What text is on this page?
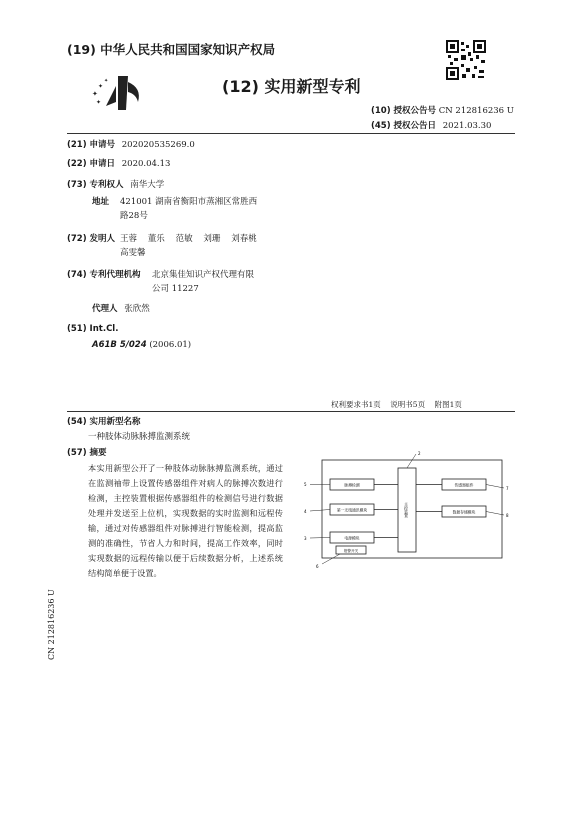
(19) 中华人民共和国国家知识产权局
✦
✦
✦
✦	(12) 实用新型专利
(10) 授权公告号 CN 212816236 U
(45) 授权公告日 2021.03.30
(21) 申请号 202020535269.0
(22) 申请日 2020.04.13
(73) 专利权人 南华大学
地址 421001 湖南省衡阳市蒸湘区常胜西
路28号
(72) 发明人 王蓉    董乐    范敏    刘珊    刘春桃
高雯馨
(74) 专利代理机构 北京集佳知识产权代理有限
公司 11227
代理人 张欣然
(51) Int.Cl.
A61B 5/024 (2006.01)
权利要求书1页    说明书5页    附图1页
(54) 实用新型名称
一种肢体动脉脉搏监测系统
(57) 摘要
本实用新型公开了一种肢体动脉脉搏监测系统，通过在监测袖带上设置传感器组件对病人的脉搏次数进行检测，主控装置根据传感器组件的检测信号进行数据处理并发送至上位机，实现数据的实时监测和远程传输，通过对传感器组件对脉搏进行智能检测，提高监测的准确性，节省人力和时间，提高工作效率，同时实现数据的远程传输以便于后续数据分析，上述系统结构简单便于设置。
主控装置
脉搏检测
第一无线通讯模块
电源模块
报警开关
传感器组件
数据存储模块
2
5
4
3
6
7
8
CN 212816236 U
